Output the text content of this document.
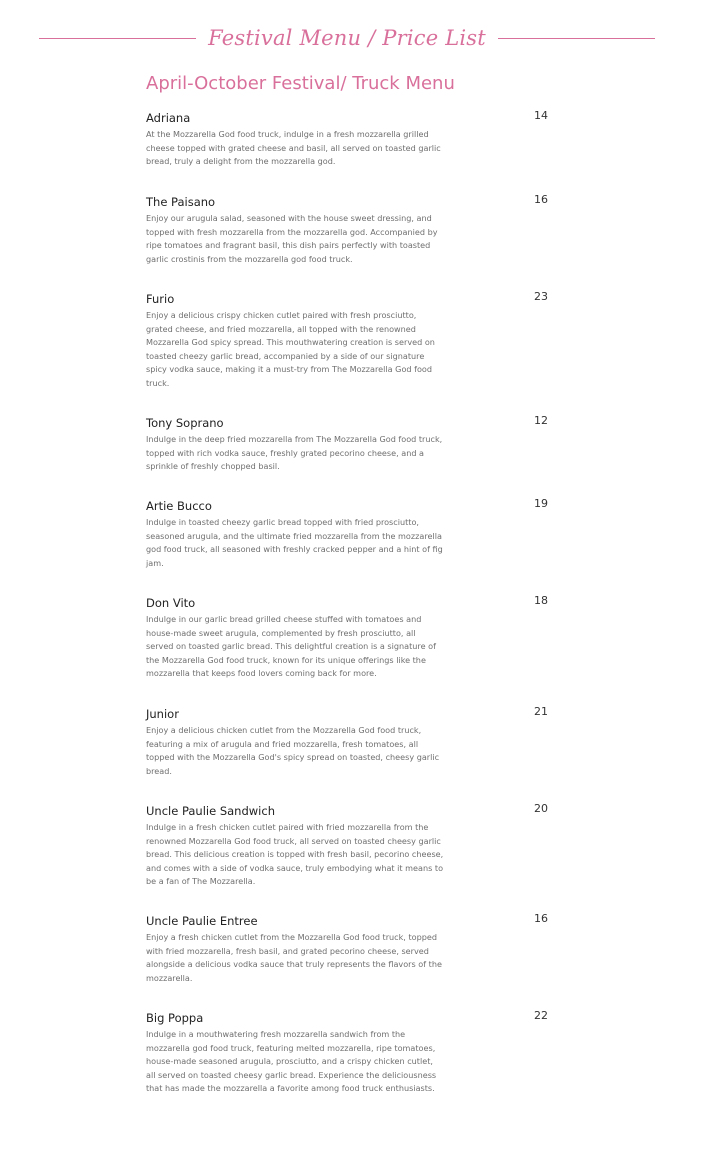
Festival Menu / Price List
April-October Festival/ Truck Menu
Adriana	14

At the Mozzarella God food truck, indulge in a fresh mozzarella grilled cheese topped with grated cheese and basil, all served on toasted garlic bread, truly a delight from the mozzarella god.

The Paisano	16

Enjoy our arugula salad, seasoned with the house sweet dressing, and topped with fresh mozzarella from the mozzarella god. Accompanied by ripe tomatoes and fragrant basil, this dish pairs perfectly with toasted garlic crostinis from the mozzarella god food truck.

Furio	23

Enjoy a delicious crispy chicken cutlet paired with fresh prosciutto, grated cheese, and fried mozzarella, all topped with the renowned Mozzarella God spicy spread. This mouthwatering creation is served on toasted cheezy garlic bread, accompanied by a side of our signature spicy vodka sauce, making it a must-try from The Mozzarella God food truck.

Tony Soprano	12

Indulge in the deep fried mozzarella from The Mozzarella God food truck, topped with rich vodka sauce, freshly grated pecorino cheese, and a sprinkle of freshly chopped basil.

Artie Bucco	19

Indulge in toasted cheezy garlic bread topped with fried prosciutto, seasoned arugula, and the ultimate fried mozzarella from the mozzarella god food truck, all seasoned with freshly cracked pepper and a hint of fig jam.

Don Vito	18

Indulge in our garlic bread grilled cheese stuffed with tomatoes and house-made sweet arugula, complemented by fresh prosciutto, all served on toasted garlic bread. This delightful creation is a signature of the Mozzarella God food truck, known for its unique offerings like the mozzarella that keeps food lovers coming back for more.

Junior	21

Enjoy a delicious chicken cutlet from the Mozzarella God food truck, featuring a mix of arugula and fried mozzarella, fresh tomatoes, all topped with the Mozzarella God's spicy spread on toasted, cheesy garlic bread.

Uncle Paulie Sandwich	20

Indulge in a fresh chicken cutlet paired with fried mozzarella from the renowned Mozzarella God food truck, all served on toasted cheesy garlic bread. This delicious creation is topped with fresh basil, pecorino cheese, and comes with a side of vodka sauce, truly embodying what it means to be a fan of The Mozzarella.

Uncle Paulie Entree	16

Enjoy a fresh chicken cutlet from the Mozzarella God food truck, topped with fried mozzarella, fresh basil, and grated pecorino cheese, served alongside a delicious vodka sauce that truly represents the flavors of the mozzarella.

Big Poppa	22

Indulge in a mouthwatering fresh mozzarella sandwich from the mozzarella god food truck, featuring melted mozzarella, ripe tomatoes, house-made seasoned arugula, prosciutto, and a crispy chicken cutlet, all served on toasted cheesy garlic bread. Experience the deliciousness that has made the mozzarella a favorite among food truck enthusiasts.
